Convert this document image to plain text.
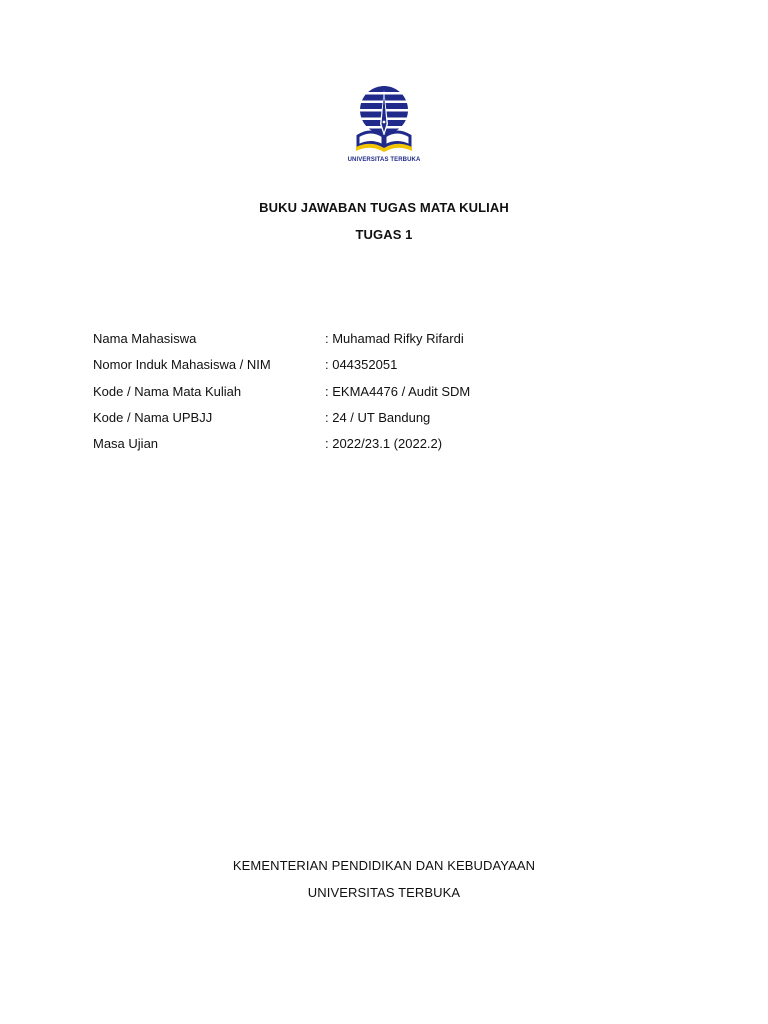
UNIVERSITAS TERBUKA
BUKU JAWABAN TUGAS MATA KULIAH
TUGAS 1
Nama Mahasiswa	: Muhamad Rifky Rifardi
Nomor Induk Mahasiswa / NIM	: 044352051
Kode / Nama Mata Kuliah	: EKMA4476 / Audit SDM
Kode / Nama UPBJJ	: 24 / UT Bandung
Masa Ujian	: 2022/23.1 (2022.2)
KEMENTERIAN PENDIDIKAN DAN KEBUDAYAAN
UNIVERSITAS TERBUKA
